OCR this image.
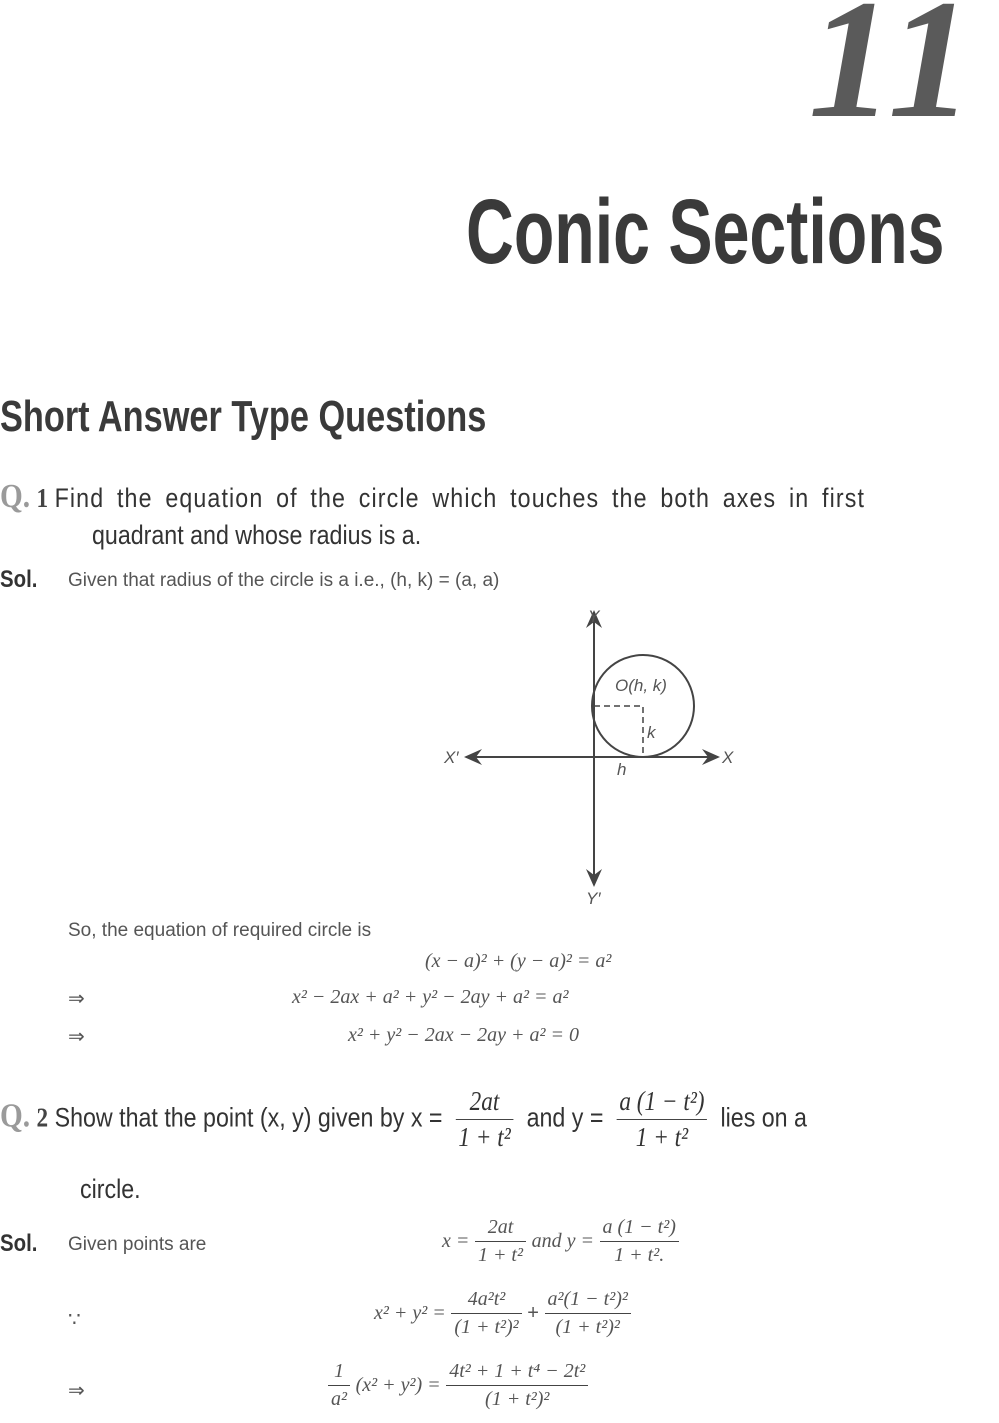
11
Conic Sections
Short Answer Type Questions
Q. 1 Find the equation of the circle which touches the both axes in first
quadrant and whose radius is a.
Sol. Given that radius of the circle is a i.e., (h, k) = (a, a)
Y
Y′
X
X′
O(h, k)
k
h
So, the equation of required circle is
(x − a)² + (y − a)² = a²
⇒	x² − 2ax + a² + y² − 2ay + a² = a²
⇒	x² + y² − 2ax − 2ay + a² = 0
Q. 2 Show that the point (x, y) given by $x = \frac{2at}{\text{1 + t²}}$ and $y = \frac{\text{a (1 − t²)}}{\text{1 + t²}}$ lies on a
circle.
Sol. Given points are	$x = \frac{2at}{\text{1 + t²}}$ and $y = \frac{\text{a (1 − t²)}}{\text{1 + t².}}$
∵	$x^2 + y^2 = \frac{\text{4a²t²}}{\text{(1 + t²)²}} + \frac{\text{a²(1 − t²)²}}{\text{(1 + t²)²}}$
⇒	$\frac{1}{\text{a²}} (x^2 + y^2) = \frac{\text{4t² + 1 + t⁴ − 2t²}}{\text{(1 + t²)²}}$
